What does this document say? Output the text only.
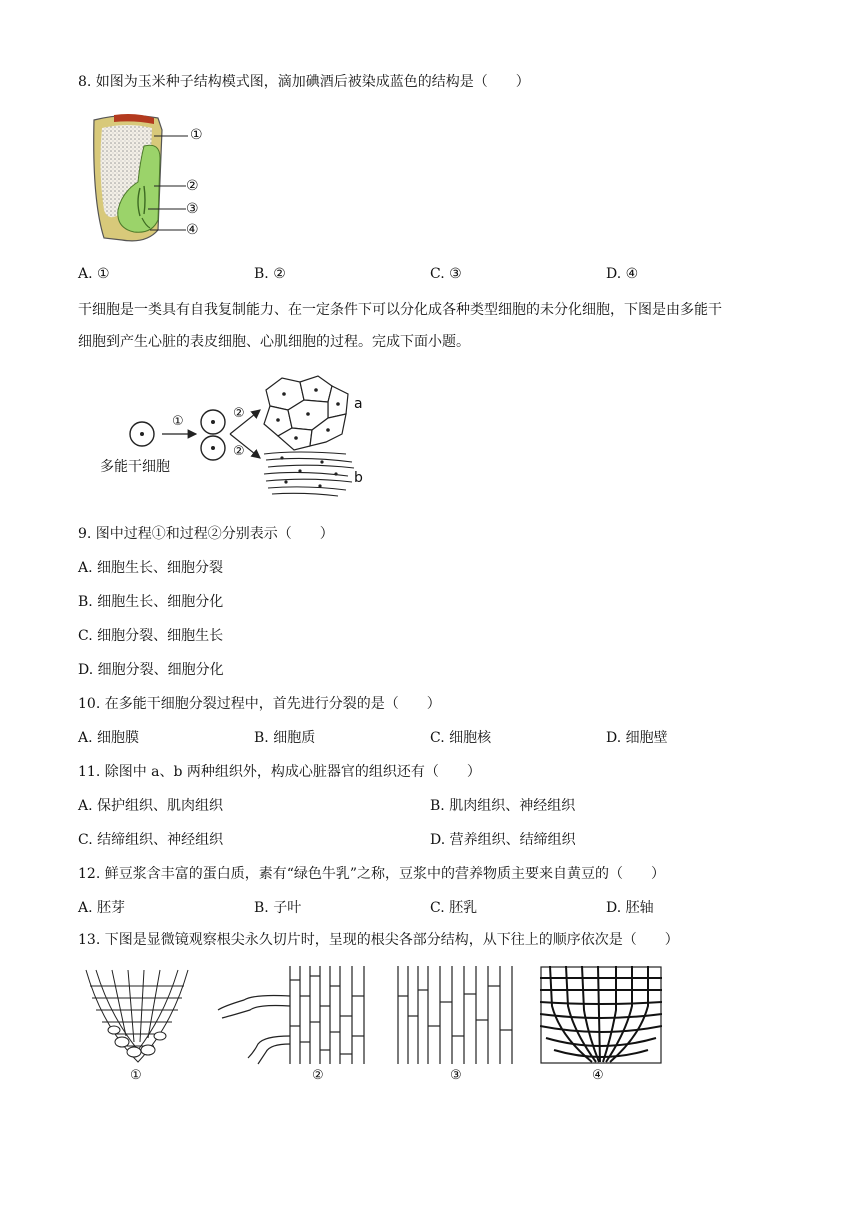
8. 如图为玉米种子结构模式图，滴加碘酒后被染成蓝色的结构是（　　）
①
②
③
④
A. ①	B. ②	C. ③	D. ④
干细胞是一类具有自我复制能力、在一定条件下可以分化成各种类型细胞的未分化细胞，下图是由多能干
细胞到产生心脏的表皮细胞、心肌细胞的过程。完成下面小题。
多能干细胞
①
②
②
a
b
9. 图中过程①和过程②分别表示（　　）
A. 细胞生长、细胞分裂
B. 细胞生长、细胞分化
C. 细胞分裂、细胞生长
D. 细胞分裂、细胞分化
10. 在多能干细胞分裂过程中，首先进行分裂的是（　　）
A. 细胞膜	B. 细胞质	C. 细胞核	D. 细胞壁
11. 除图中 a、b 两种组织外，构成心脏器官的组织还有（　　）
A. 保护组织、肌肉组织	B. 肌肉组织、神经组织
C. 结缔组织、神经组织	D. 营养组织、结缔组织
12. 鲜豆浆含丰富的蛋白质，素有“绿色牛乳”之称，豆浆中的营养物质主要来自黄豆的（　　）
A. 胚芽	B. 子叶	C. 胚乳	D. 胚轴
13. 下图是显微镜观察根尖永久切片时，呈现的根尖各部分结构，从下往上的顺序依次是（　　）
①	②	③	④
